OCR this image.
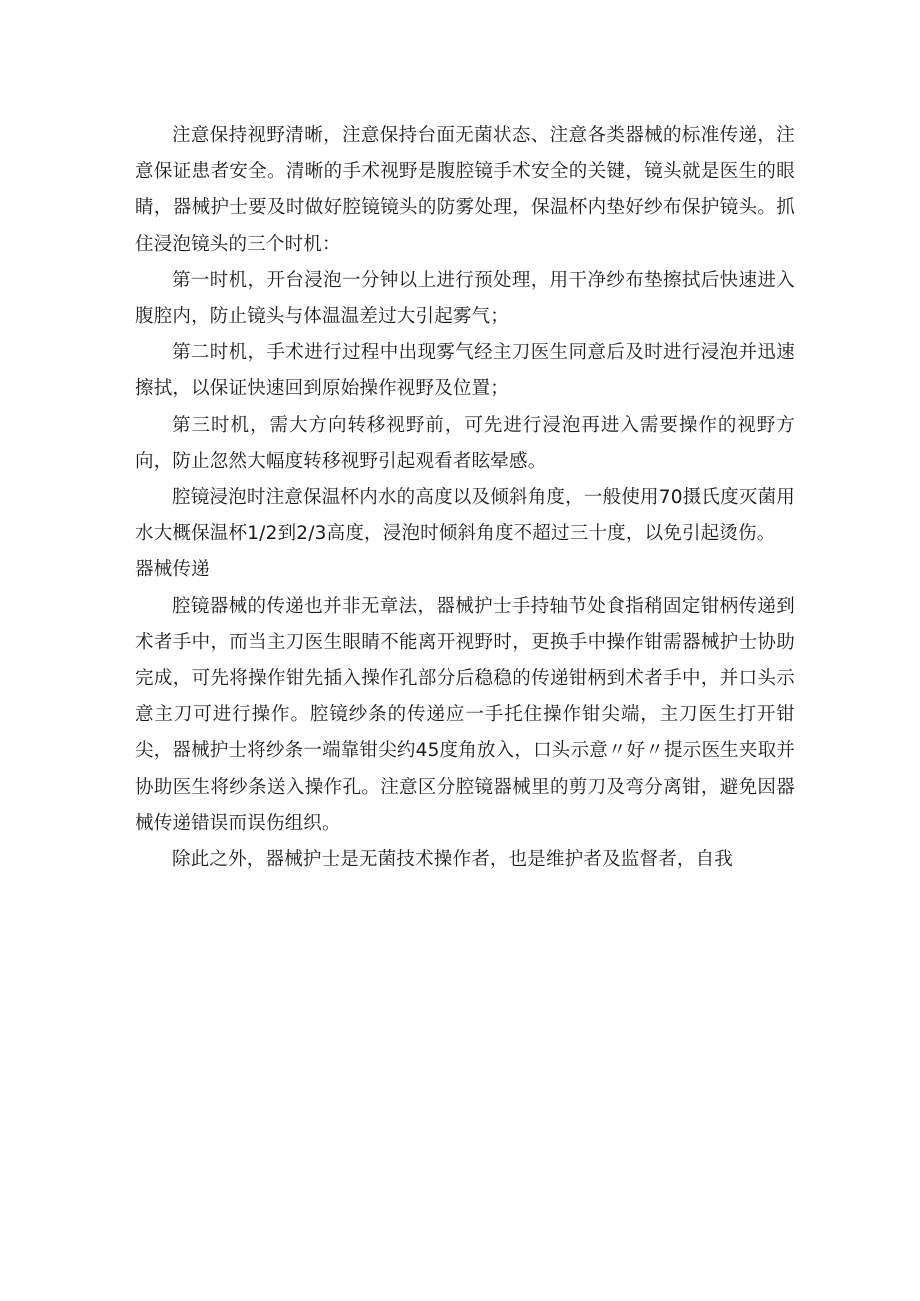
注意保持视野清晰，注意保持台面无菌状态、注意各类器械的标准传递，注意保证患者安全。清晰的手术视野是腹腔镜手术安全的关键，镜头就是医生的眼睛，器械护士要及时做好腔镜镜头的防雾处理，保温杯内垫好纱布保护镜头。抓住浸泡镜头的三个时机：

第一时机，开台浸泡一分钟以上进行预处理，用干净纱布垫擦拭后快速进入腹腔内，防止镜头与体温温差过大引起雾气；

第二时机，手术进行过程中出现雾气经主刀医生同意后及时进行浸泡并迅速擦拭，以保证快速回到原始操作视野及位置；

第三时机，需大方向转移视野前，可先进行浸泡再进入需要操作的视野方向，防止忽然大幅度转移视野引起观看者眩晕感。

腔镜浸泡时注意保温杯内水的高度以及倾斜角度，一般使用70摄氏度灭菌用水大概保温杯1/2到2/3高度，浸泡时倾斜角度不超过三十度，以免引起烫伤。

器械传递

腔镜器械的传递也并非无章法，器械护士手持轴节处食指稍固定钳柄传递到术者手中，而当主刀医生眼睛不能离开视野时，更换手中操作钳需器械护士协助完成，可先将操作钳先插入操作孔部分后稳稳的传递钳柄到术者手中，并口头示意主刀可进行操作。腔镜纱条的传递应一手托住操作钳尖端，主刀医生打开钳尖，器械护士将纱条一端靠钳尖约45度角放入，口头示意〃好〃提示医生夹取并协助医生将纱条送入操作孔。注意区分腔镜器械里的剪刀及弯分离钳，避免因器械传递错误而误伤组织。

除此之外，器械护士是无菌技术操作者，也是维护者及监督者，自我
